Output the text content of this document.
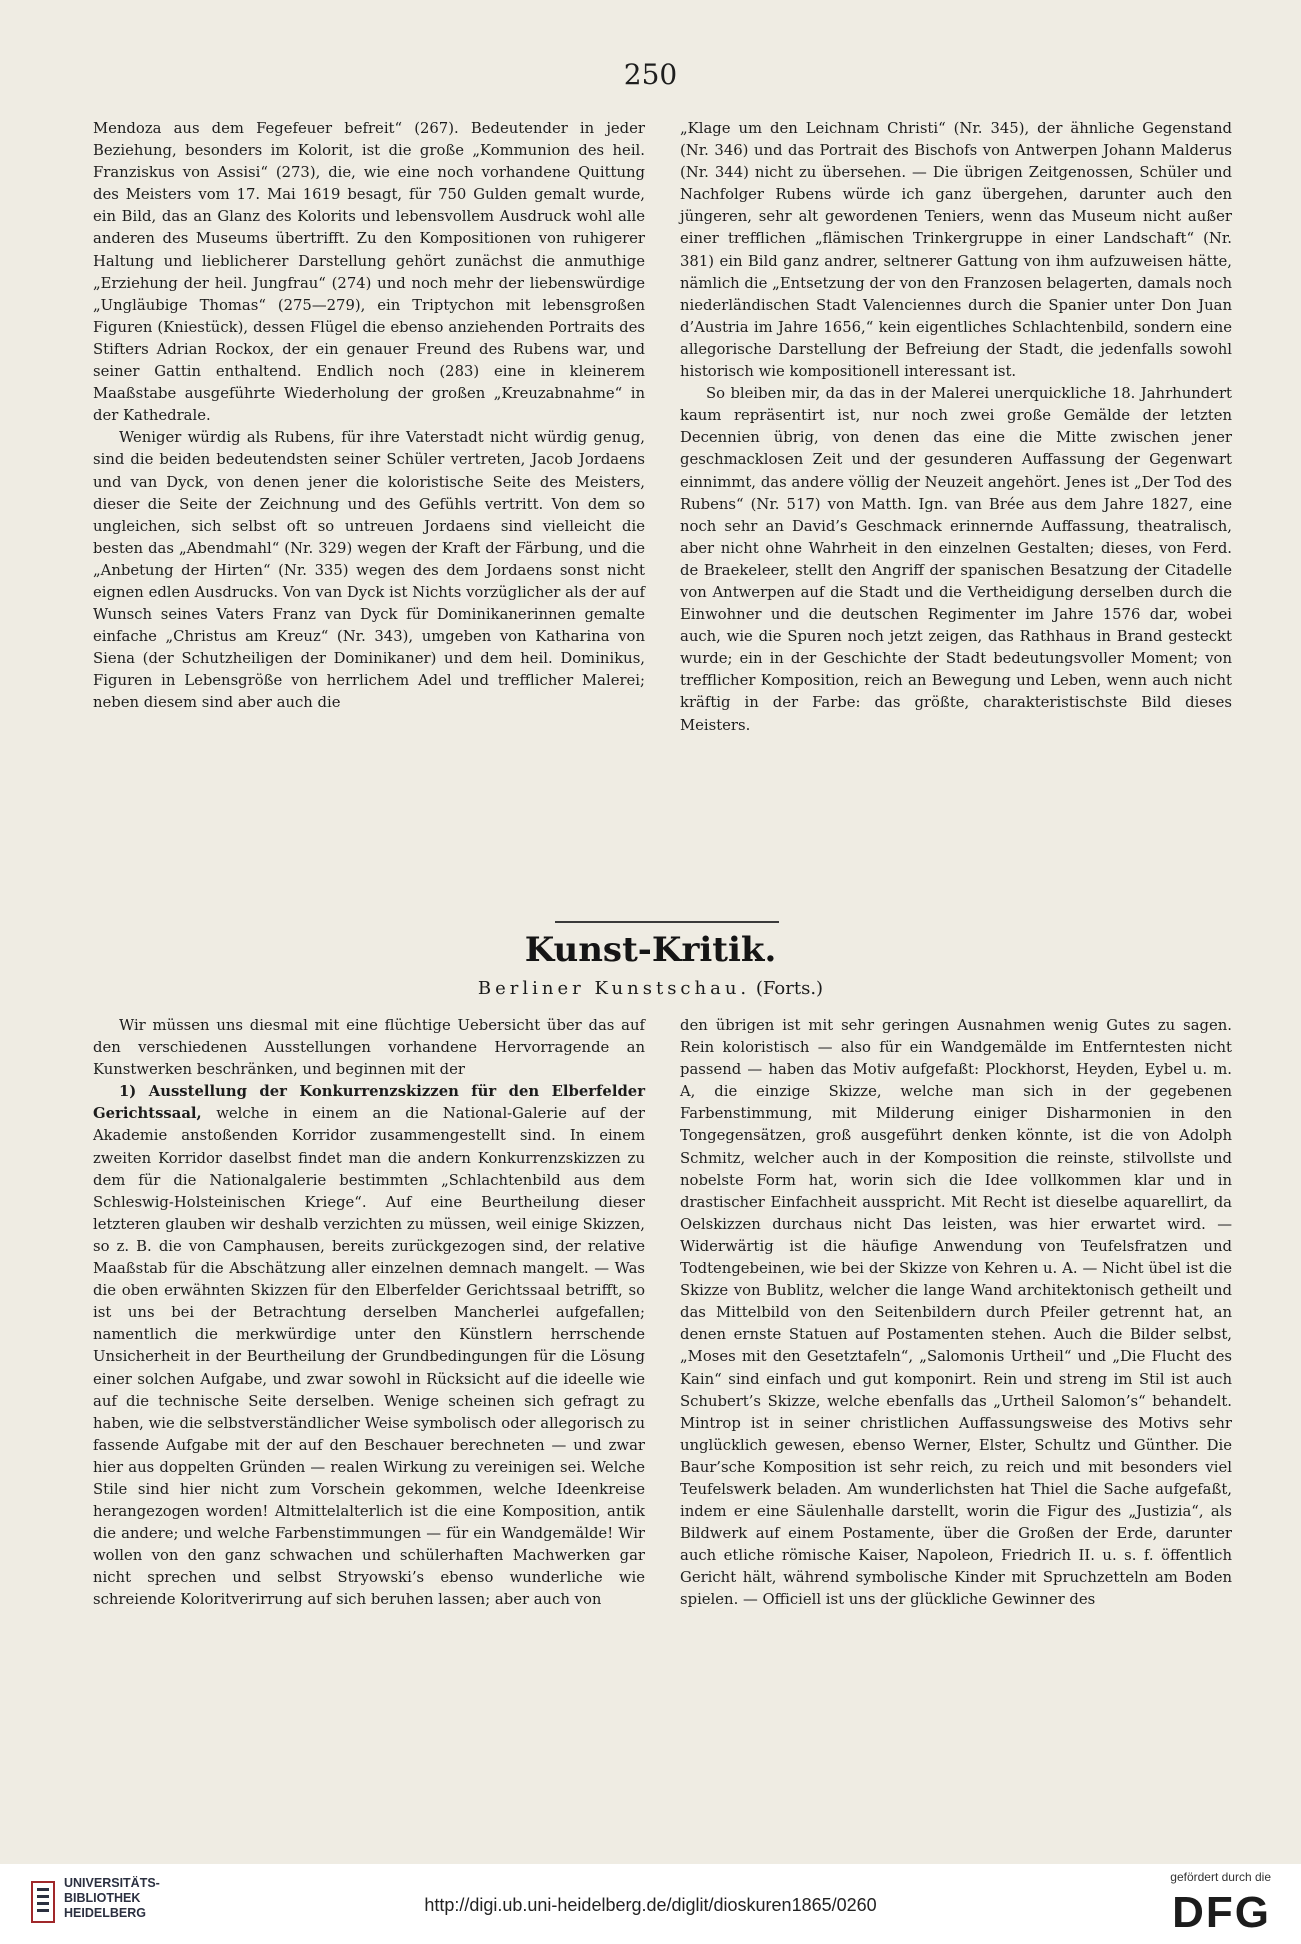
250

Mendoza aus dem Fegefeuer befreit“ (267). Bedeutender in jeder Beziehung, besonders im Kolorit, ist die große „Kommunion des heil. Franziskus von Assisi“ (273), die, wie eine noch vorhandene Quittung des Meisters vom 17. Mai 1619 besagt, für 750 Gulden gemalt wurde, ein Bild, das an Glanz des Kolorits und lebensvollem Ausdruck wohl alle anderen des Museums übertrifft. Zu den Kompositionen von ruhigerer Haltung und lieblicherer Darstellung gehört zunächst die anmuthige „Erziehung der heil. Jungfrau“ (274) und noch mehr der liebenswürdige „Ungläubige Thomas“ (275—279), ein Triptychon mit lebensgroßen Figuren (Kniestück), dessen Flügel die ebenso anziehenden Portraits des Stifters Adrian Rockox, der ein genauer Freund des Rubens war, und seiner Gattin enthaltend. Endlich noch (283) eine in kleinerem Maaßstabe ausgeführte Wiederholung der großen „Kreuzabnahme“ in der Kathedrale.

Weniger würdig als Rubens, für ihre Vaterstadt nicht würdig genug, sind die beiden bedeutendsten seiner Schüler vertreten, Jacob Jordaens und van Dyck, von denen jener die koloristische Seite des Meisters, dieser die Seite der Zeichnung und des Gefühls vertritt. Von dem so ungleichen, sich selbst oft so untreuen Jordaens sind vielleicht die besten das „Abendmahl“ (Nr. 329) wegen der Kraft der Färbung, und die „Anbetung der Hirten“ (Nr. 335) wegen des dem Jordaens sonst nicht eignen edlen Ausdrucks. Von van Dyck ist Nichts vorzüglicher als der auf Wunsch seines Vaters Franz van Dyck für Dominikanerinnen gemalte einfache „Christus am Kreuz“ (Nr. 343), umgeben von Katharina von Siena (der Schutzheiligen der Dominikaner) und dem heil. Dominikus, Figuren in Lebensgröße von herrlichem Adel und trefflicher Malerei; neben diesem sind aber auch die

„Klage um den Leichnam Christi“ (Nr. 345), der ähnliche Gegenstand (Nr. 346) und das Portrait des Bischofs von Antwerpen Johann Malderus (Nr. 344) nicht zu übersehen. — Die übrigen Zeitgenossen, Schüler und Nachfolger Rubens würde ich ganz übergehen, darunter auch den jüngeren, sehr alt gewordenen Teniers, wenn das Museum nicht außer einer trefflichen „flämischen Trinkergruppe in einer Landschaft“ (Nr. 381) ein Bild ganz andrer, seltnerer Gattung von ihm aufzuweisen hätte, nämlich die „Entsetzung der von den Franzosen belagerten, damals noch niederländischen Stadt Valenciennes durch die Spanier unter Don Juan d’Austria im Jahre 1656,“ kein eigentliches Schlachtenbild, sondern eine allegorische Darstellung der Befreiung der Stadt, die jedenfalls sowohl historisch wie kompositionell interessant ist.

So bleiben mir, da das in der Malerei unerquickliche 18. Jahrhundert kaum repräsentirt ist, nur noch zwei große Gemälde der letzten Decennien übrig, von denen das eine die Mitte zwischen jener geschmacklosen Zeit und der gesunderen Auffassung der Gegenwart einnimmt, das andere völlig der Neuzeit angehört. Jenes ist „Der Tod des Rubens“ (Nr. 517) von Matth. Ign. van Brée aus dem Jahre 1827, eine noch sehr an David’s Geschmack erinnernde Auffassung, theatralisch, aber nicht ohne Wahrheit in den einzelnen Gestalten; dieses, von Ferd. de Braekeleer, stellt den Angriff der spanischen Besatzung der Citadelle von Antwerpen auf die Stadt und die Vertheidigung derselben durch die Einwohner und die deutschen Regimenter im Jahre 1576 dar, wobei auch, wie die Spuren noch jetzt zeigen, das Rathhaus in Brand gesteckt wurde; ein in der Geschichte der Stadt bedeutungsvoller Moment; von trefflicher Komposition, reich an Bewegung und Leben, wenn auch nicht kräftig in der Farbe: das größte, charakteristischste Bild dieses Meisters.

Kunst-Kritik.
Berliner Kunstschau. (Forts.)

Wir müssen uns diesmal mit eine flüchtige Uebersicht über das auf den verschiedenen Ausstellungen vorhandene Hervorragende an Kunstwerken beschränken, und beginnen mit der

1) Ausstellung der Konkurrenzskizzen für den Elberfelder Gerichtssaal, welche in einem an die National-Galerie auf der Akademie anstoßenden Korridor zusammengestellt sind. In einem zweiten Korridor daselbst findet man die andern Konkurrenzskizzen zu dem für die Nationalgalerie bestimmten „Schlachtenbild aus dem Schleswig-Holsteinischen Kriege“. Auf eine Beurtheilung dieser letzteren glauben wir deshalb verzichten zu müssen, weil einige Skizzen, so z. B. die von Camphausen, bereits zurückgezogen sind, der relative Maaßstab für die Abschätzung aller einzelnen demnach mangelt. — Was die oben erwähnten Skizzen für den Elberfelder Gerichtssaal betrifft, so ist uns bei der Betrachtung derselben Mancherlei aufgefallen; namentlich die merkwürdige unter den Künstlern herrschende Unsicherheit in der Beurtheilung der Grundbedingungen für die Lösung einer solchen Aufgabe, und zwar sowohl in Rücksicht auf die ideelle wie auf die technische Seite derselben. Wenige scheinen sich gefragt zu haben, wie die selbstverständlicher Weise symbolisch oder allegorisch zu fassende Aufgabe mit der auf den Beschauer berechneten — und zwar hier aus doppelten Gründen — realen Wirkung zu vereinigen sei. Welche Stile sind hier nicht zum Vorschein gekommen, welche Ideenkreise herangezogen worden! Altmittelalterlich ist die eine Komposition, antik die andere; und welche Farbenstimmungen — für ein Wandgemälde! Wir wollen von den ganz schwachen und schülerhaften Machwerken gar nicht sprechen und selbst Stryowski’s ebenso wunderliche wie schreiende Koloritverirrung auf sich beruhen lassen; aber auch von

den übrigen ist mit sehr geringen Ausnahmen wenig Gutes zu sagen. Rein koloristisch — also für ein Wandgemälde im Entferntesten nicht passend — haben das Motiv aufgefaßt: Plockhorst, Heyden, Eybel u. m. A, die einzige Skizze, welche man sich in der gegebenen Farbenstimmung, mit Milderung einiger Disharmonien in den Tongegensätzen, groß ausgeführt denken könnte, ist die von Adolph Schmitz, welcher auch in der Komposition die reinste, stilvollste und nobelste Form hat, worin sich die Idee vollkommen klar und in drastischer Einfachheit ausspricht. Mit Recht ist dieselbe aquarellirt, da Oelskizzen durchaus nicht Das leisten, was hier erwartet wird. — Widerwärtig ist die häufige Anwendung von Teufelsfratzen und Todtengebeinen, wie bei der Skizze von Kehren u. A. — Nicht übel ist die Skizze von Bublitz, welcher die lange Wand architektonisch getheilt und das Mittelbild von den Seitenbildern durch Pfeiler getrennt hat, an denen ernste Statuen auf Postamenten stehen. Auch die Bilder selbst, „Moses mit den Gesetztafeln“, „Salomonis Urtheil“ und „Die Flucht des Kain“ sind einfach und gut komponirt. Rein und streng im Stil ist auch Schubert’s Skizze, welche ebenfalls das „Urtheil Salomon’s“ behandelt. Mintrop ist in seiner christlichen Auffassungsweise des Motivs sehr unglücklich gewesen, ebenso Werner, Elster, Schultz und Günther. Die Baur’sche Komposition ist sehr reich, zu reich und mit besonders viel Teufelswerk beladen. Am wunderlichsten hat Thiel die Sache aufgefaßt, indem er eine Säulenhalle darstellt, worin die Figur des „Justizia“, als Bildwerk auf einem Postamente, über die Großen der Erde, darunter auch etliche römische Kaiser, Napoleon, Friedrich II. u. s. f. öffentlich Gericht hält, während symbolische Kinder mit Spruchzetteln am Boden spielen. — Officiell ist uns der glückliche Gewinner des

UNIVERSITÄTS-
BIBLIOTHEK
HEIDELBERG	http://digi.ub.uni-heidelberg.de/diglit/dioskuren1865/0260
gefördert durch die
DFG
